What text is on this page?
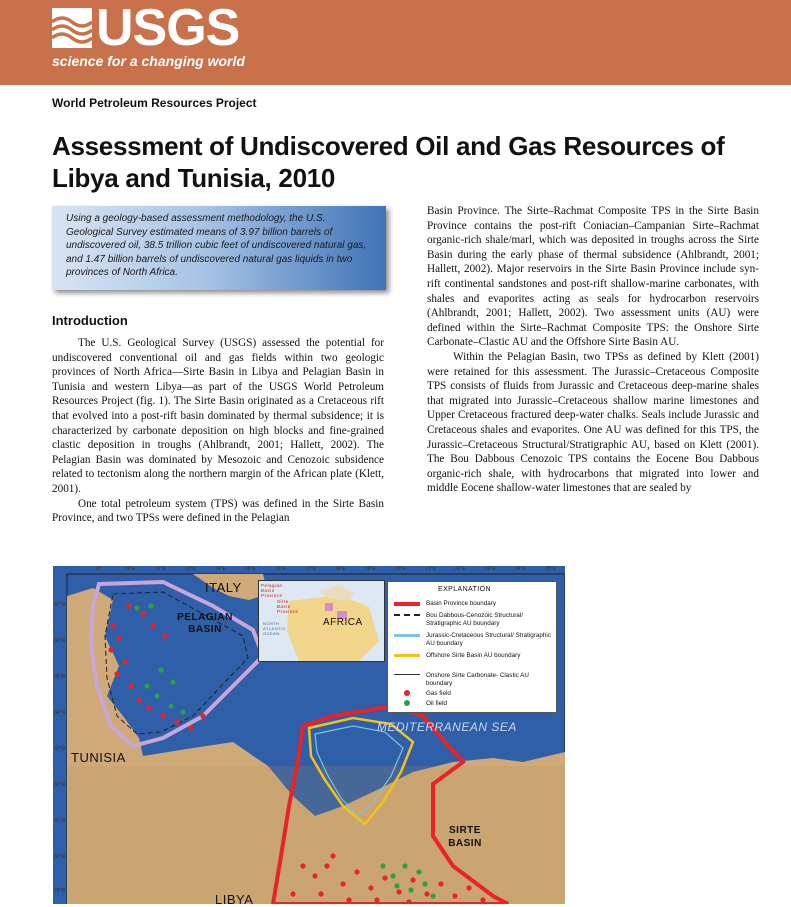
USGS
science for a changing world
World Petroleum Resources Project
Assessment of Undiscovered Oil and Gas Resources of Libya and Tunisia, 2010
Using a geology-based assessment methodology, the U.S. Geological Survey estimated means of 3.97 billion barrels of undiscovered oil, 38.5 trillion cubic feet of undiscovered natural gas, and 1.47 billion barrels of undiscovered natural gas liquids in two provinces of North Africa.
Introduction

The U.S. Geological Survey (USGS) assessed the potential for undiscovered conventional oil and gas fields within two geologic provinces of North Africa—Sirte Basin in Libya and Pelagian Basin in Tunisia and western Libya—as part of the USGS World Petroleum Resources Project (fig. 1). The Sirte Basin originated as a Cretaceous rift that evolved into a post-rift basin dominated by thermal subsidence; it is characterized by carbonate deposition on high blocks and fine-grained clastic deposition in troughs (Ahlbrandt, 2001; Hallett, 2002). The Pelagian Basin was dominated by Mesozoic and Cenozoic subsidence related to tectonism along the northern margin of the African plate (Klett, 2001).

One total petroleum system (TPS) was defined in the Sirte Basin Province, and two TPSs were defined in the Pelagian

Basin Province. The Sirte–Rachmat Composite TPS in the Sirte Basin Province contains the post-rift Coniacian–Campanian Sirte–Rachmat organic-rich shale/marl, which was deposited in troughs across the Sirte Basin during the early phase of thermal subsidence (Ahlbrandt, 2001; Hallett, 2002). Major reservoirs in the Sirte Basin Province include syn-rift continental sandstones and post-rift shallow-marine carbonates, with shales and evaporites acting as seals for hydrocarbon reservoirs (Ahlbrandt, 2001; Hallett, 2002). Two assessment units (AU) were defined within the Sirte–Rachmat Composite TPS: the Onshore Sirte Carbonate–Clastic AU and the Offshore Sirte Basin AU.

Within the Pelagian Basin, two TPSs as defined by Klett (2001) were retained for this assessment. The Jurassic–Cretaceous Composite TPS consists of fluids from Jurassic and Cretaceous deep-marine shales that migrated into Jurassic–Cretaceous shallow marine limestones and Upper Cretaceous fractured deep-water chalks. Seals include Jurassic and Cretaceous shales and evaporites. One AU was defined for this TPS, the Jurassic–Cretaceous Structural/Stratigraphic AU, based on Klett (2001). The Bou Dabbous Cenozoic TPS contains the Eocene Bou Dabbous organic-rich shale, with hydrocarbons that migrated into lower and middle Eocene shallow-water limestones that are sealed by

10°	11°E	12°E	13°E	14°E	15°E	16°E	17°E	18°E	19°E	20°E	21°E	22°E	23°E	24°E	25°E
37°N
36°N
35°N
34°N
33°N
32°N
31°N
30°N
29°N
ITALY
PELAGIAN BASIN
TUNISIA
MEDITERRANEAN SEA
SIRTE BASIN
LIBYA
AFRICA
Pelagian Basin Province
Sirte Basin Province
NORTH ATLANTIC OCEAN
EXPLANATION
Basin Province boundary
Bou Dabbous-Cenozoic Structural/ Stratigraphic AU boundary
Jurassic-Cretaceous Structural/ Stratigraphic AU boundary
Offshore Sirte Basin AU boundary
Onshore Sirte Carbonate- Clastic AU boundary
Gas field
Oil field
